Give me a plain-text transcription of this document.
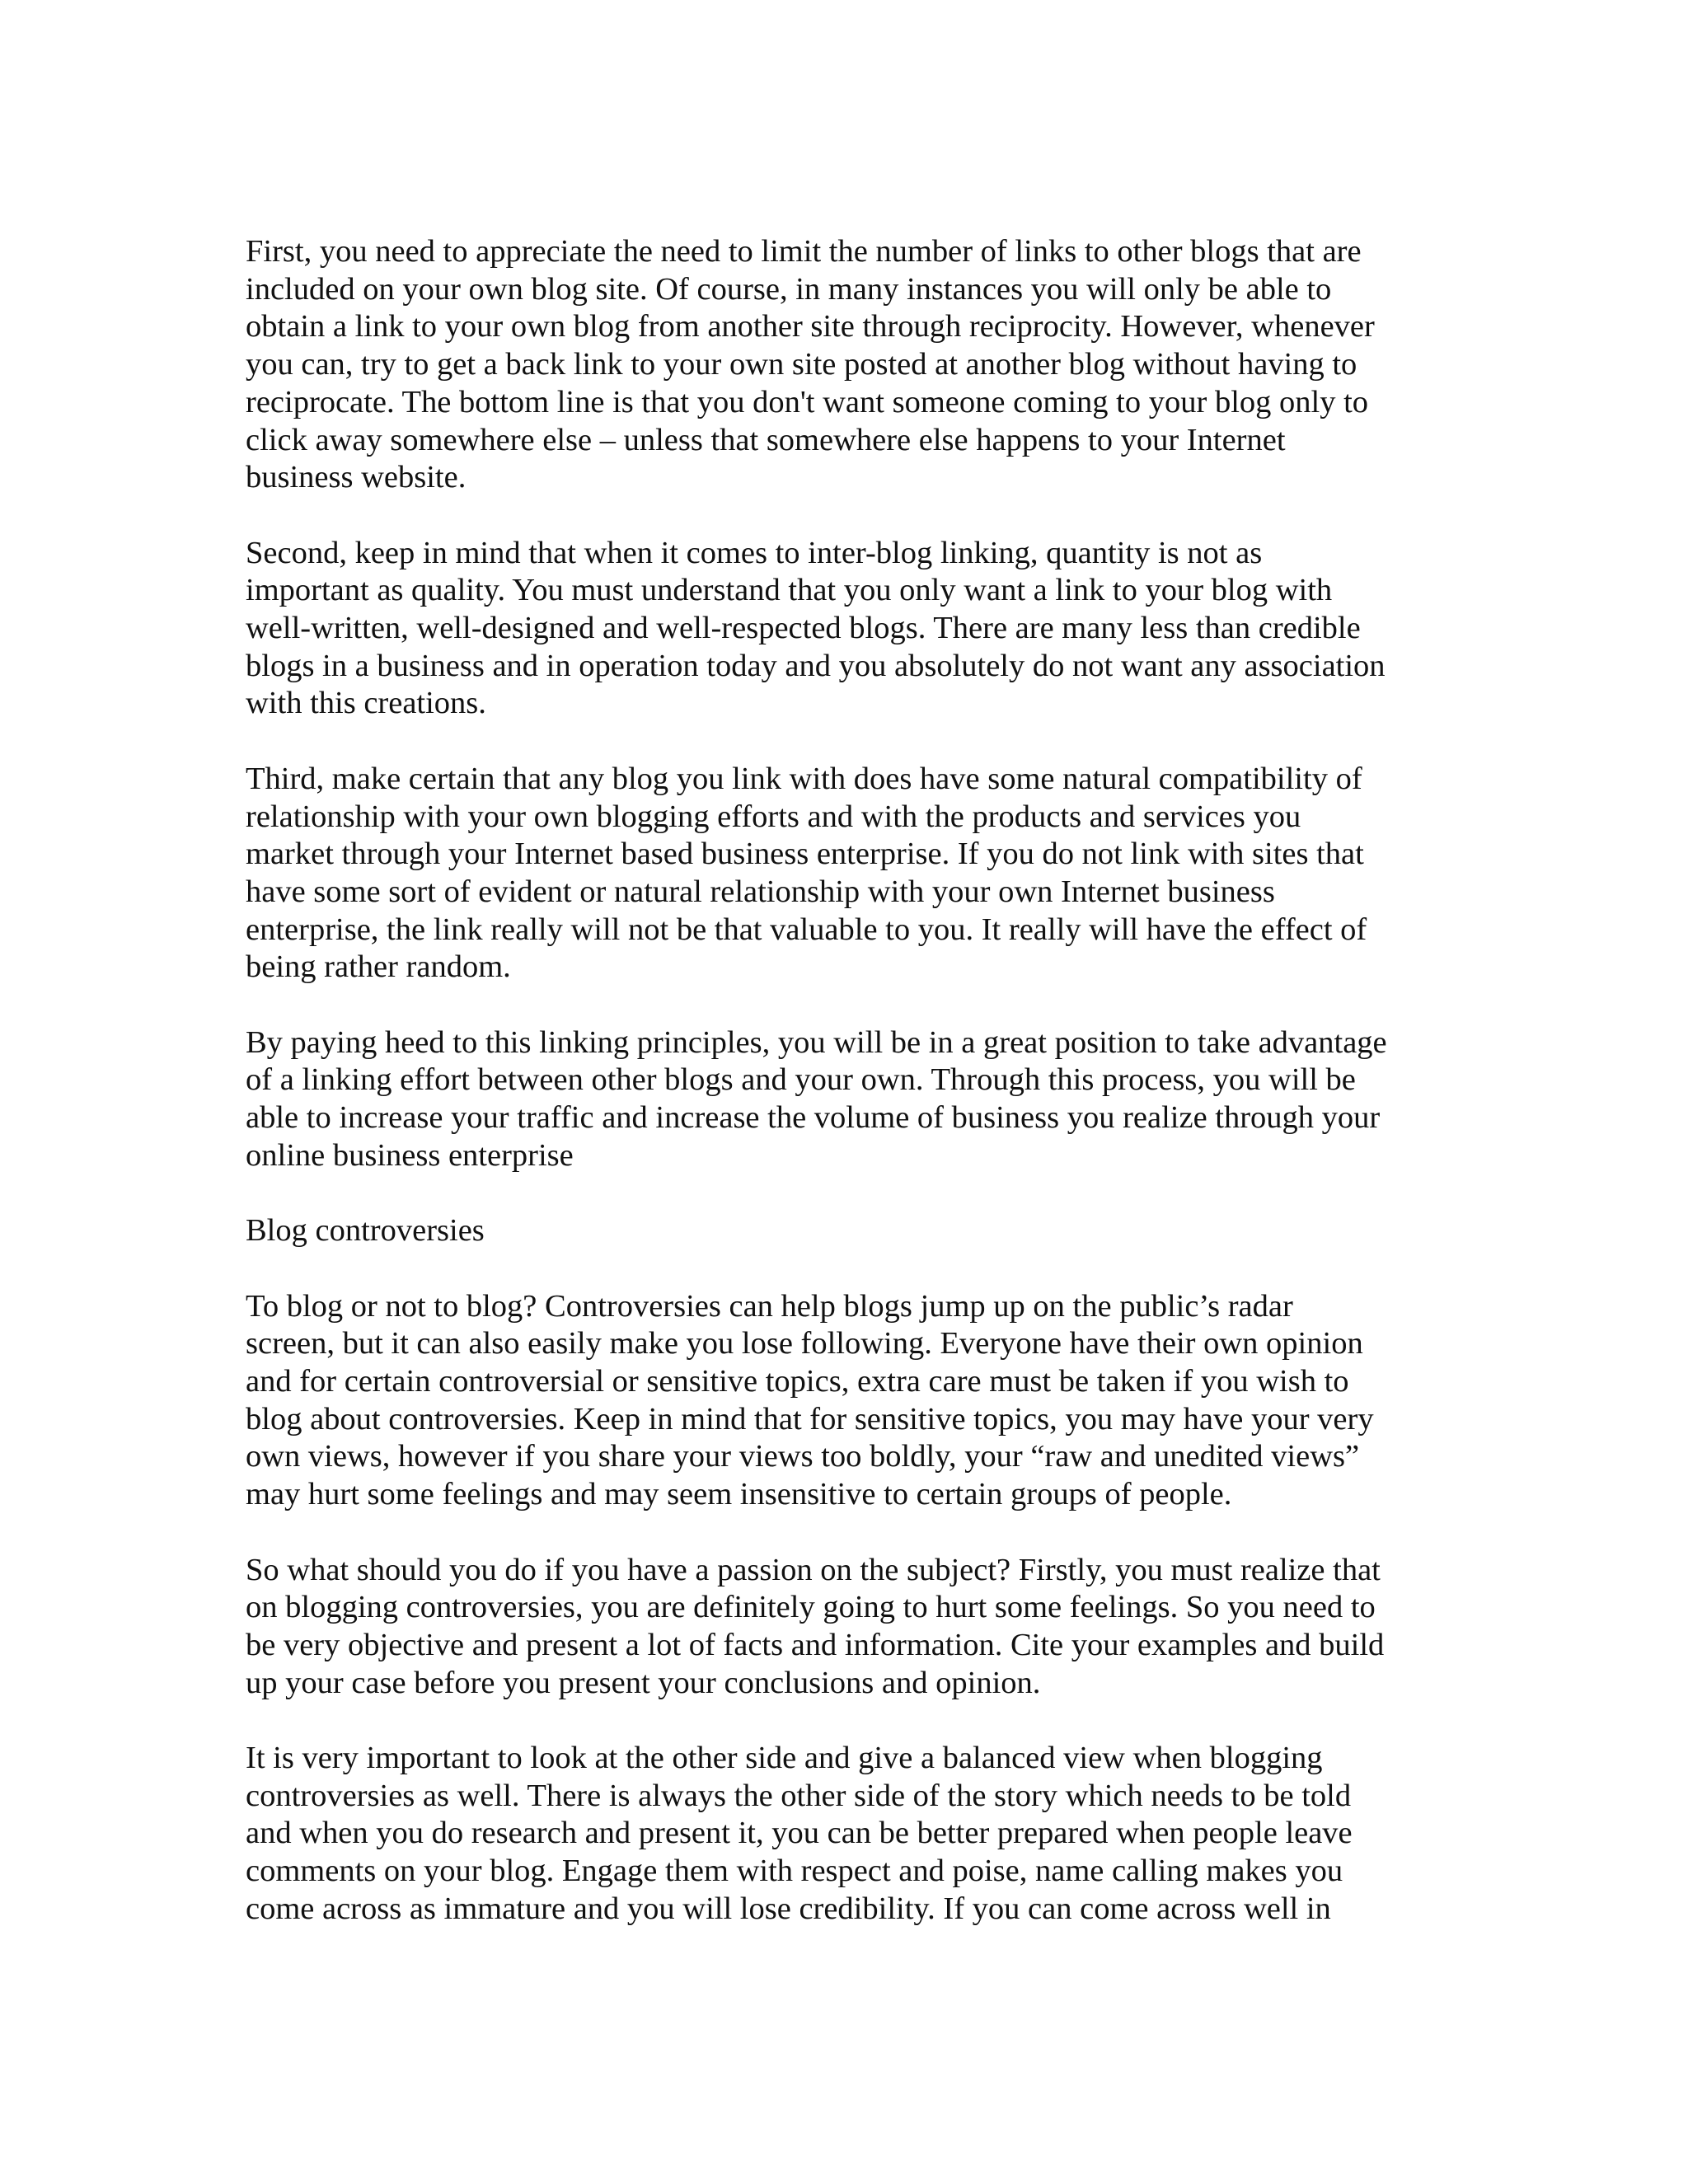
First, you need to appreciate the need to limit the number of links to other blogs that are
included on your own blog site. Of course, in many instances you will only be able to
obtain a link to your own blog from another site through reciprocity. However, whenever
you can, try to get a back link to your own site posted at another blog without having to
reciprocate. The bottom line is that you don't want someone coming to your blog only to
click away somewhere else – unless that somewhere else happens to your Internet
business website.

Second, keep in mind that when it comes to inter-blog linking, quantity is not as
important as quality. You must understand that you only want a link to your blog with
well-written, well-designed and well-respected blogs. There are many less than credible
blogs in a business and in operation today and you absolutely do not want any association
with this creations.

Third, make certain that any blog you link with does have some natural compatibility of
relationship with your own blogging efforts and with the products and services you
market through your Internet based business enterprise. If you do not link with sites that
have some sort of evident or natural relationship with your own Internet business
enterprise, the link really will not be that valuable to you. It really will have the effect of
being rather random.

By paying heed to this linking principles, you will be in a great position to take advantage
of a linking effort between other blogs and your own. Through this process, you will be
able to increase your traffic and increase the volume of business you realize through your
online business enterprise

Blog controversies

To blog or not to blog? Controversies can help blogs jump up on the public’s radar
screen, but it can also easily make you lose following. Everyone have their own opinion
and for certain controversial or sensitive topics, extra care must be taken if you wish to
blog about controversies. Keep in mind that for sensitive topics, you may have your very
own views, however if you share your views too boldly, your “raw and unedited views”
may hurt some feelings and may seem insensitive to certain groups of people.

So what should you do if you have a passion on the subject? Firstly, you must realize that
on blogging controversies, you are definitely going to hurt some feelings. So you need to
be very objective and present a lot of facts and information. Cite your examples and build
up your case before you present your conclusions and opinion.

It is very important to look at the other side and give a balanced view when blogging
controversies as well. There is always the other side of the story which needs to be told
and when you do research and present it, you can be better prepared when people leave
comments on your blog. Engage them with respect and poise, name calling makes you
come across as immature and you will lose credibility. If you can come across well in
